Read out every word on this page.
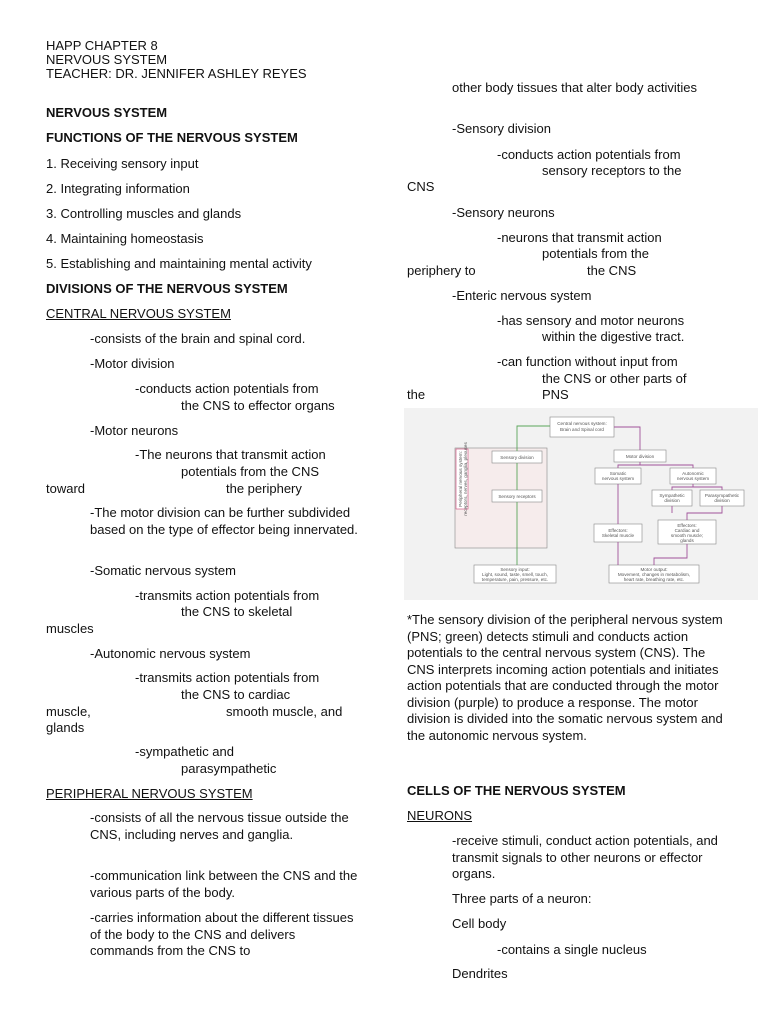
HAPP CHAPTER 8
NERVOUS SYSTEM
TEACHER: DR. JENNIFER ASHLEY REYES
NERVOUS SYSTEM
FUNCTIONS OF THE NERVOUS SYSTEM
1. Receiving sensory input
2. Integrating information
3. Controlling muscles and glands
4. Maintaining homeostasis
5. Establishing and maintaining mental activity
DIVISIONS OF THE NERVOUS SYSTEM
CENTRAL NERVOUS SYSTEM
-consists of the brain and spinal cord.
-Motor division
-conducts action potentials from
the CNS to effector organs
-Motor neurons
-The neurons that transmit action
potentials from the CNS
toward	the periphery
-The motor division can be further subdivided based on the type of effector being innervated.
-Somatic nervous system
-transmits action potentials from
the CNS to skeletal
muscles
-Autonomic nervous system
-transmits action potentials from
the CNS to cardiac
muscle,	smooth muscle, and
glands
-sympathetic and
parasympathetic
PERIPHERAL NERVOUS SYSTEM
-consists of all the nervous tissue outside the CNS, including nerves and ganglia.
-communication link between the CNS and the various parts of the body.
-carries information about the different tissues of the body to the CNS and delivers commands from the CNS to
other body tissues that alter body activities
-Sensory division
-conducts action potentials from
sensory receptors to the
CNS
-Sensory neurons
-neurons that transmit action
potentials from the
periphery to	the CNS
-Enteric nervous system
-has sensory and motor neurons
within the digestive tract.
-can function without input from
the CNS or other parts of
the	PNS
Central nervous system:
Brain and Spinal cord
Sensory division
Sensory receptors
Motor division
Somatic
nervous system
Autonomic
nervous system
Sympathetic
division
Parasympathetic
division
Effectors:
Skeletal muscle
Effectors:
Cardiac and
smooth muscle;
glands
Sensory input:
Light, sound, taste, smell, touch,
temperature, pain, pressure, etc.
Motor output:
Movement, changes in metabolism,
heart rate, breathing rate, etc.
Peripheral nervous system: receptors, nerves, ganglia, plexuses
*The sensory division of the peripheral nervous system (PNS; green) detects stimuli and conducts action potentials to the central nervous system (CNS). The CNS interprets incoming action potentials and initiates action potentials that are conducted through the motor division (purple) to produce a response. The motor division is divided into the somatic nervous system and the autonomic nervous system.
CELLS OF THE NERVOUS SYSTEM
NEURONS
-receive stimuli, conduct action potentials, and transmit signals to other neurons or effector organs.
Three parts of a neuron:
Cell body
-contains a single nucleus
Dendrites
